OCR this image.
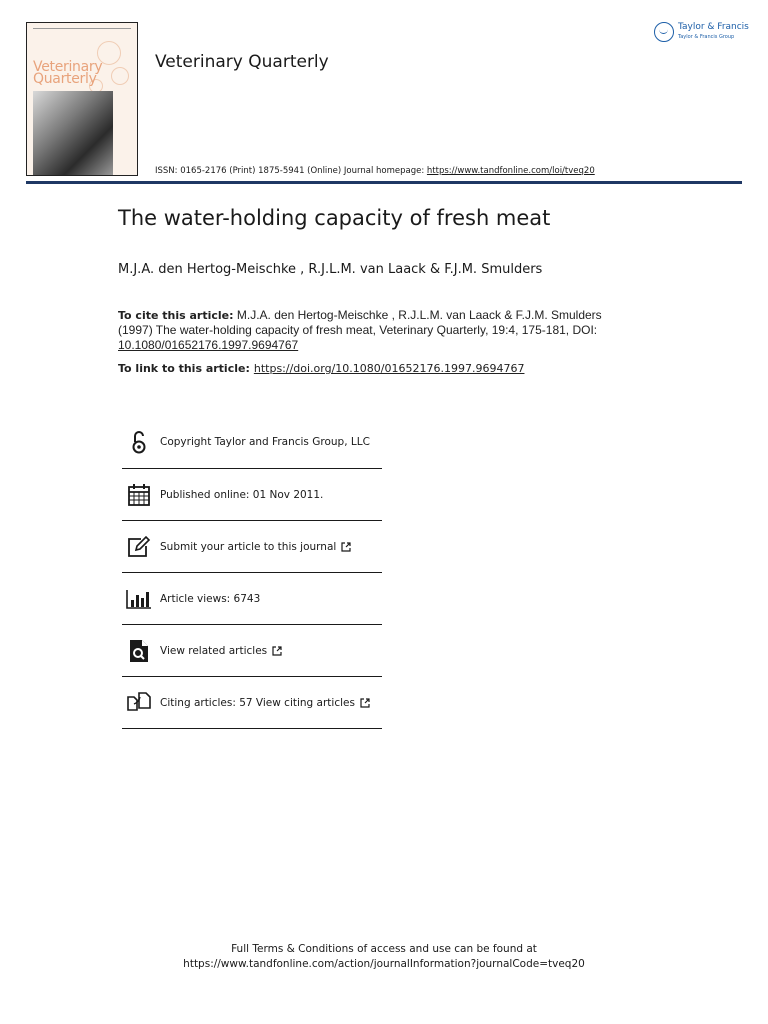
Veterinary
Quarterly
Veterinary Quarterly
ISSN: 0165-2176 (Print) 1875-5941 (Online) Journal homepage: https://www.tandfonline.com/loi/tveq20
Taylor & Francis
Taylor & Francis Group
The water-holding capacity of fresh meat
M.J.A. den Hertog-Meischke , R.J.L.M. van Laack & F.J.M. Smulders
To cite this article: M.J.A. den Hertog-Meischke , R.J.L.M. van Laack & F.J.M. Smulders (1997) The water-holding capacity of fresh meat, Veterinary Quarterly, 19:4, 175-181, DOI: 10.1080/01652176.1997.9694767
To link to this article: https://doi.org/10.1080/01652176.1997.9694767
Copyright Taylor and Francis Group, LLC
Published online: 01 Nov 2011.
Submit your article to this journal
Article views: 6743
View related articles
Citing articles: 57 View citing articles
Full Terms & Conditions of access and use can be found at
https://www.tandfonline.com/action/journalInformation?journalCode=tveq20
